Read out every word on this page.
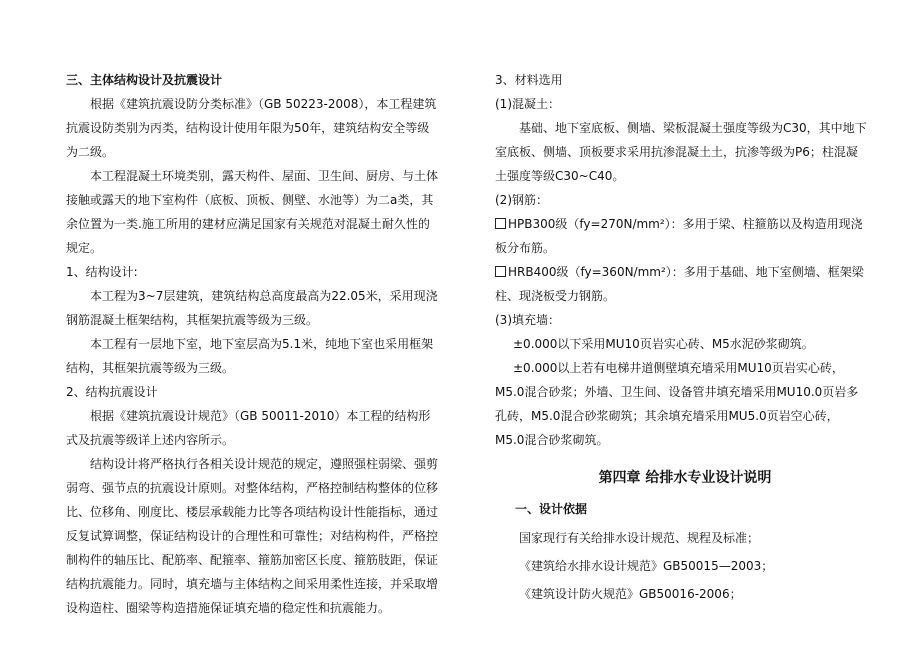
三、主体结构设计及抗震设计

根据《建筑抗震设防分类标准》（GB 50223-2008），本工程建筑抗震设防类别为丙类，结构设计使用年限为50年，建筑结构安全等级为二级。

本工程混凝土环境类别，露天构件、屋面、卫生间、厨房、与土体接触或露天的地下室构件（底板、顶板、侧壁、水池等）为二a类，其余位置为一类.施工所用的建材应满足国家有关规范对混凝土耐久性的规定。

1、结构设计:

本工程为3~7层建筑，建筑结构总高度最高为22.05米，采用现浇钢筋混凝土框架结构，其框架抗震等级为三级。

本工程有一层地下室，地下室层高为5.1米，纯地下室也采用框架结构，其框架抗震等级为三级。

2、结构抗震设计

根据《建筑抗震设计规范》（GB 50011-2010）本工程的结构形式及抗震等级详上述内容所示。

结构设计将严格执行各相关设计规范的规定，遵照强柱弱梁、强剪弱弯、强节点的抗震设计原则。对整体结构，严格控制结构整体的位移比、位移角、刚度比、楼层承载能力比等各项结构设计性能指标，通过反复试算调整，保证结构设计的合理性和可靠性；对结构构件，严格控制构件的轴压比、配筋率、配箍率、箍筋加密区长度、箍筋肢距，保证结构抗震能力。同时，填充墙与主体结构之间采用柔性连接，并采取增设构造柱、圈梁等构造措施保证填充墙的稳定性和抗震能力。

3、材料选用

(1)混凝土：

基础、地下室底板、侧墙、梁板混凝土强度等级为C30，其中地下室底板、侧墙、顶板要求采用抗渗混凝土土，抗渗等级为P6；柱混凝土强度等级C30~C40。

(2)钢筋：

HPB300级（fy=270N/mm²）：多用于梁、柱箍筋以及构造用现浇板分布筋。

HRB400级（fy=360N/mm²）：多用于基础、地下室侧墙、框架梁柱、现浇板受力钢筋。

(3)填充墙：

±0.000以下采用MU10页岩实心砖、M5水泥砂浆砌筑。

±0.000以上若有电梯井道侧壁填充墙采用MU10页岩实心砖，M5.0混合砂浆；外墙、卫生间、设备管井填充墙采用MU10.0页岩多孔砖，M5.0混合砂浆砌筑；其余填充墙采用MU5.0页岩空心砖，M5.0混合砂浆砌筑。

第四章 给排水专业设计说明

一、设计依据

国家现行有关给排水设计规范、规程及标准；

《建筑给水排水设计规范》GB50015—2003；

《建筑设计防火规范》GB50016-2006；
